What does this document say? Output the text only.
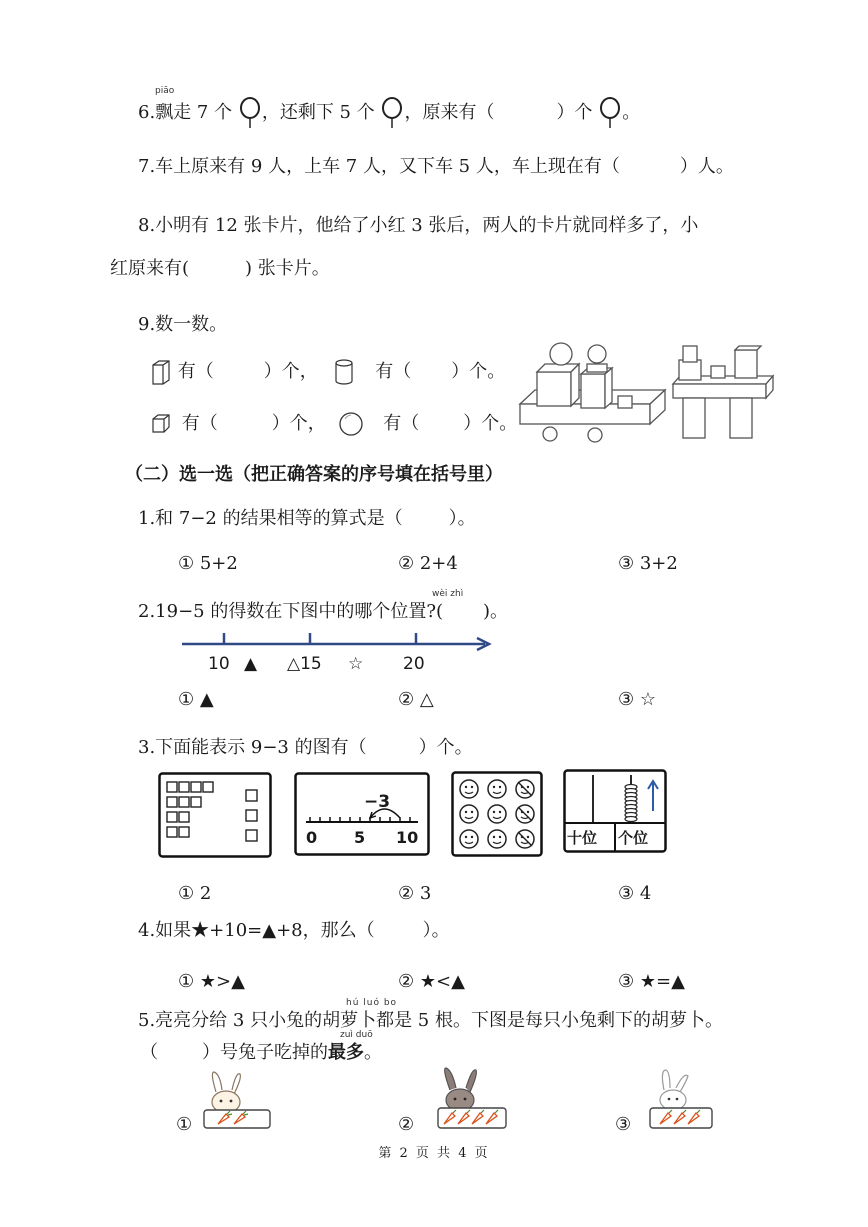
piāo
6.飘走 7 个 ，还剩下 5 个 ，原来有（	）个 。
7.车上原来有 9 人，上车 7 人，又下车 5 人，车上现在有（	）人。
8.小明有 12 张卡片，他给了小红 3 张后，两人的卡片就同样多了，小
红原来有(	) 张卡片。
9.数一数。
有（	）个，	有（ ）个。
有（	）个，	有（ ）个。
（二）选一选（把正确答案的序号填在括号里）
1.和 7−2 的结果相等的算式是（	）。
① 5+2	② 2+4	③ 3+2
wèi zhì
2.19−5 的得数在下图中的哪个位置?( )。
10 ▲ △15 ☆ 20
① ▲	② △	③ ☆
3.下面能表示 9−3 的图有（	）个。
−3
0 5 10	十位 个位
① 2	② 3	③ 4
4.如果★+10=▲+8，那么（	）。
① ★>▲	② ★<▲	③ ★=▲
hú luó bo
5.亮亮分给 3 只小兔的胡萝卜都是 5 根。下图是每只小兔剩下的胡萝卜。
zuì duō
（ ）号兔子吃掉的最多。
①	②	③
第 2 页 共 4 页
